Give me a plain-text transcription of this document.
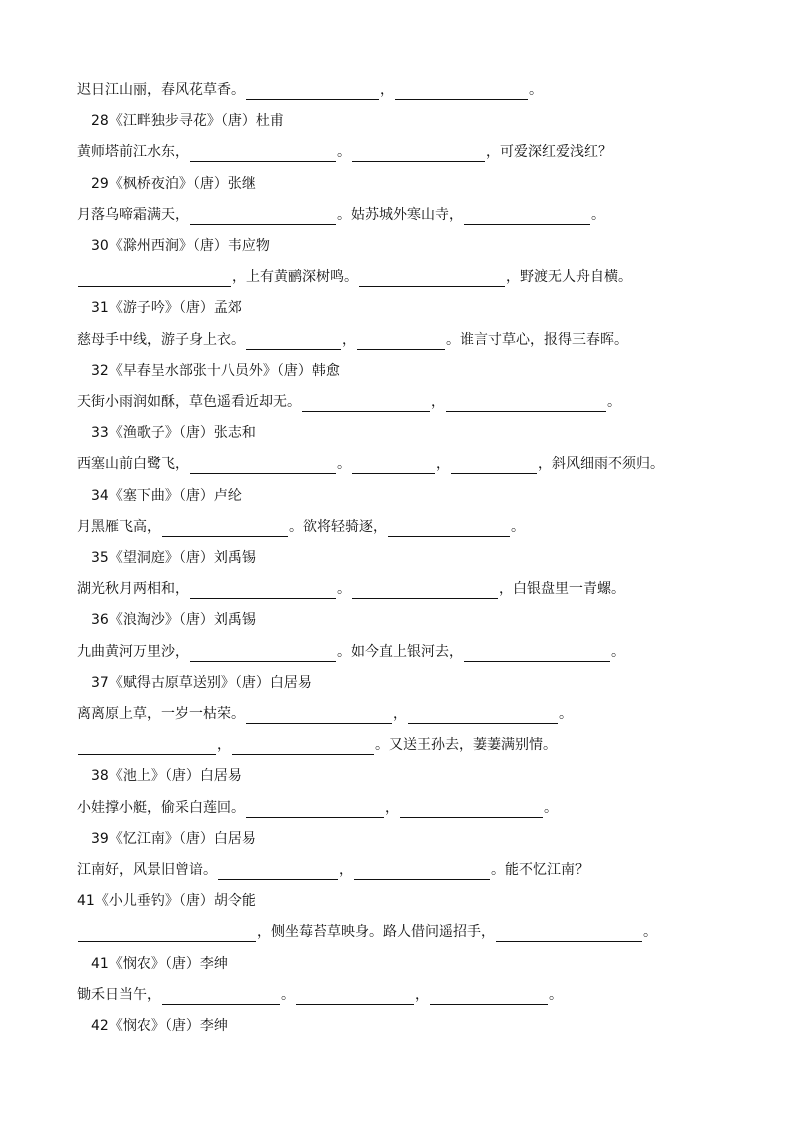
迟日江山丽，春风花草香。	，	。
28《江畔独步寻花》（唐）杜甫
黄师塔前江水东，	。	，可爱深红爱浅红？
29《枫桥夜泊》（唐）张继
月落乌啼霜满天，	。姑苏城外寒山寺，	。
30《滁州西涧》（唐）韦应物
，上有黄鹂深树鸣。	，野渡无人舟自横。
31《游子吟》（唐）孟郊
慈母手中线，游子身上衣。	，	。谁言寸草心，报得三春晖。
32《早春呈水部张十八员外》（唐）韩愈
天街小雨润如酥，草色遥看近却无。	，	。
33《渔歌子》（唐）张志和
西塞山前白鹭飞，	。	，	，斜风细雨不须归。
34《塞下曲》（唐）卢纶
月黑雁飞高，	。欲将轻骑逐，	。
35《望洞庭》（唐）刘禹锡
湖光秋月两相和，	。	，白银盘里一青螺。
36《浪淘沙》（唐）刘禹锡
九曲黄河万里沙，	。如今直上银河去，	。
37《赋得古原草送别》（唐）白居易
离离原上草，一岁一枯荣。	，	。
，	。又送王孙去，萋萋满别情。
38《池上》（唐）白居易
小娃撑小艇，偷采白莲回。	，	。
39《忆江南》（唐）白居易
江南好，风景旧曾谙。	，	。能不忆江南？
41《小儿垂钓》（唐）胡令能
，侧坐莓苔草映身。路人借问遥招手，	。
41《悯农》（唐）李绅
锄禾日当午，	。	，	。
42《悯农》（唐）李绅
